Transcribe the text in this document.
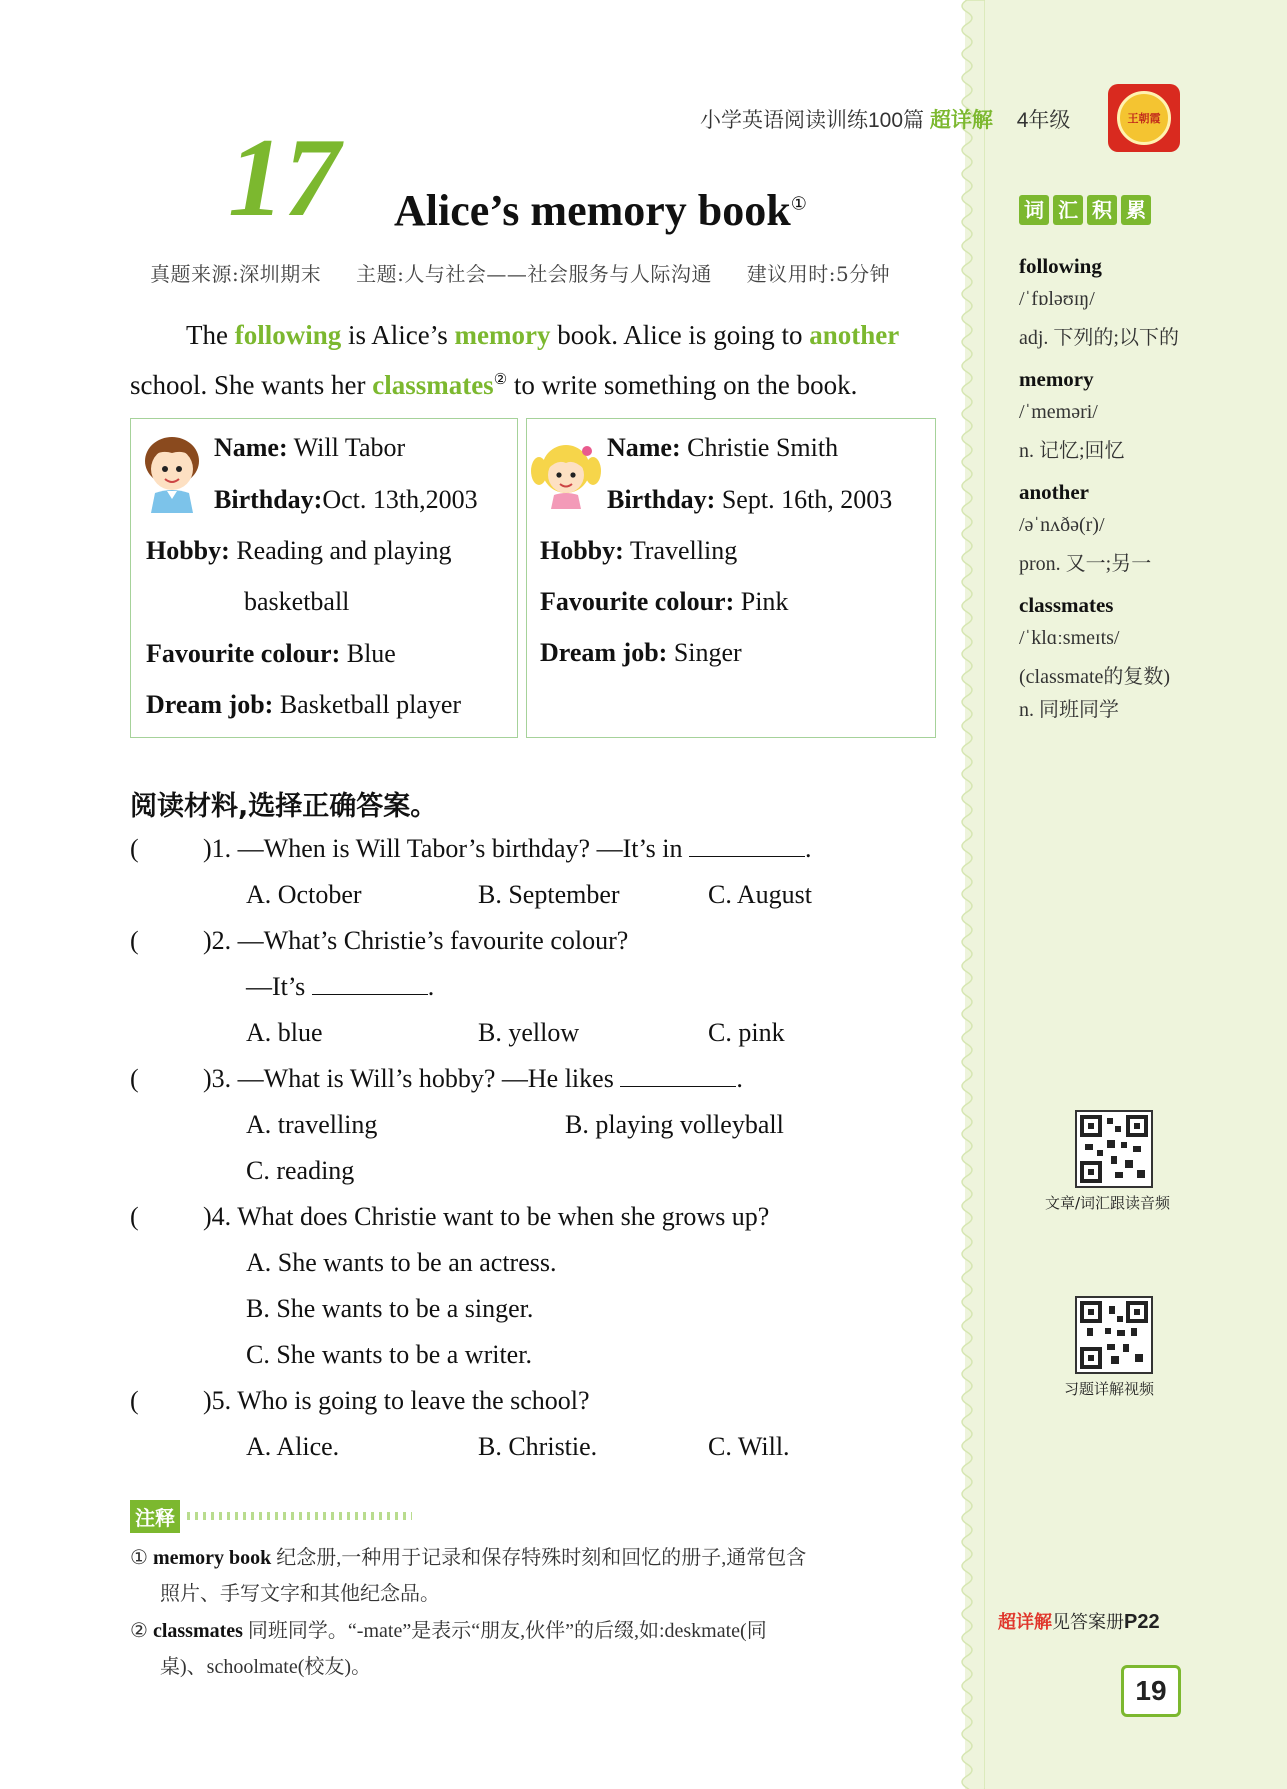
小学英语阅读训练100篇 超详解 4年级	王朝霞
17 Alice’s memory book①
真题来源:深圳期末 主题:人与社会——社会服务与人际沟通 建议用时:5分钟
The following is Alice’s memory book. Alice is going to another
school. She wants her classmates② to write something on the book.
Name: Will Tabor
Birthday:Oct. 13th,2003
Hobby: Reading and playing
basketball
Favourite colour: Blue
Dream job: Basketball player
Name: Christie Smith
Birthday: Sept. 16th, 2003
Hobby: Travelling
Favourite colour: Pink
Dream job: Singer
阅读材料,选择正确答案。
( )1. —When is Will Tabor’s birthday? —It’s in	.
A. October	B. September	C. August
( )2. —What’s Christie’s favourite colour?
—It’s	.
A. blue	B. yellow	C. pink
( )3. —What is Will’s hobby? —He likes	.
A. travelling	B. playing volleyball
C. reading
( )4. What does Christie want to be when she grows up?
A. She wants to be an actress.
B. She wants to be a singer.
C. She wants to be a writer.
( )5. Who is going to leave the school?
A. Alice.	B. Christie.	C. Will.
注释
① memory book 纪念册,一种用于记录和保存特殊时刻和回忆的册子,通常包含
照片、手写文字和其他纪念品。
② classmates 同班同学。“-mate”是表示“朋友,伙伴”的后缀,如:deskmate(同
桌)、schoolmate(校友)。
词 汇 积 累
following
/ˈfɒləʊɪŋ/
adj. 下列的;以下的
memory
/ˈmeməri/
n. 记忆;回忆
another
/əˈnʌðə(r)/
pron. 又一;另一
classmates
/ˈklɑːsmeɪts/
(classmate的复数)
n. 同班同学
文章/词汇跟读音频
习题详解视频
超详解见答案册P22
19
